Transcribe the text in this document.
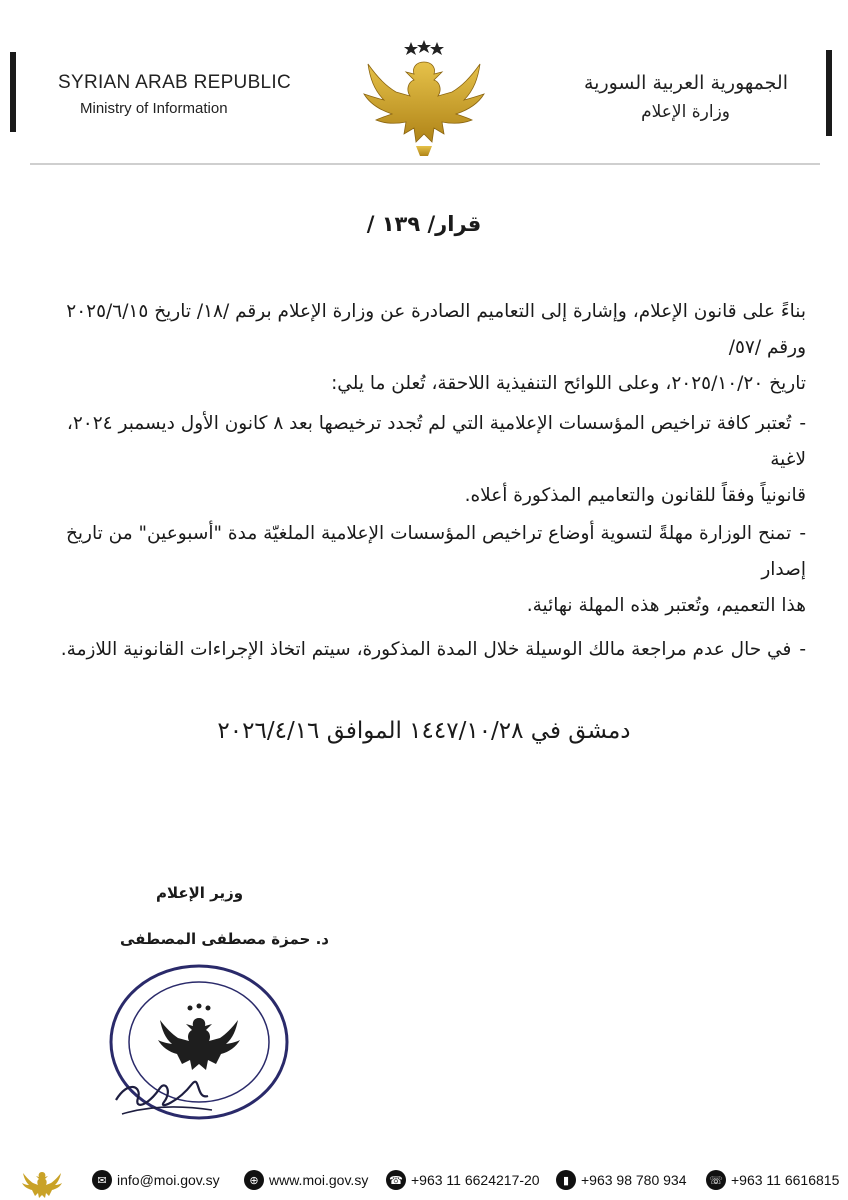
SYRIAN ARAB REPUBLIC
Ministry of Information
الجمهورية العربية السورية
وزارة الإعلام
قرار/ ١٣٩ /
بناءً على قانون الإعلام، وإشارة إلى التعاميم الصادرة عن وزارة الإعلام برقم /١٨/ تاريخ ٢٠٢٥/٦/١٥ ورقم /٥٧/
تاريخ ٢٠٢٥/١٠/٢٠، وعلى اللوائح التنفيذية اللاحقة، تُعلن ما يلي:
-تُعتبر كافة تراخيص المؤسسات الإعلامية التي لم تُجدد ترخيصها بعد ٨ كانون الأول ديسمبر ٢٠٢٤، لاغية
قانونياً وفقاً للقانون والتعاميم المذكورة أعلاه.
-تمنح الوزارة مهلةً لتسوية أوضاع تراخيص المؤسسات الإعلامية الملغيّة مدة "أسبوعين" من تاريخ إصدار
هذا التعميم، وتُعتبر هذه المهلة نهائية.
-في حال عدم مراجعة مالك الوسيلة خلال المدة المذكورة، سيتم اتخاذ الإجراءات القانونية اللازمة.
دمشق في ١٤٤٧/١٠/٢٨ الموافق ٢٠٢٦/٤/١٦
وزير الإعلام
د. حمزة مصطفى المصطفى
✉ info@moi.gov.sy	⊕ www.moi.gov.sy ☎ +963 11 6624217-20	▮ +963 98 780 934 ☏ +963 11 6616815
